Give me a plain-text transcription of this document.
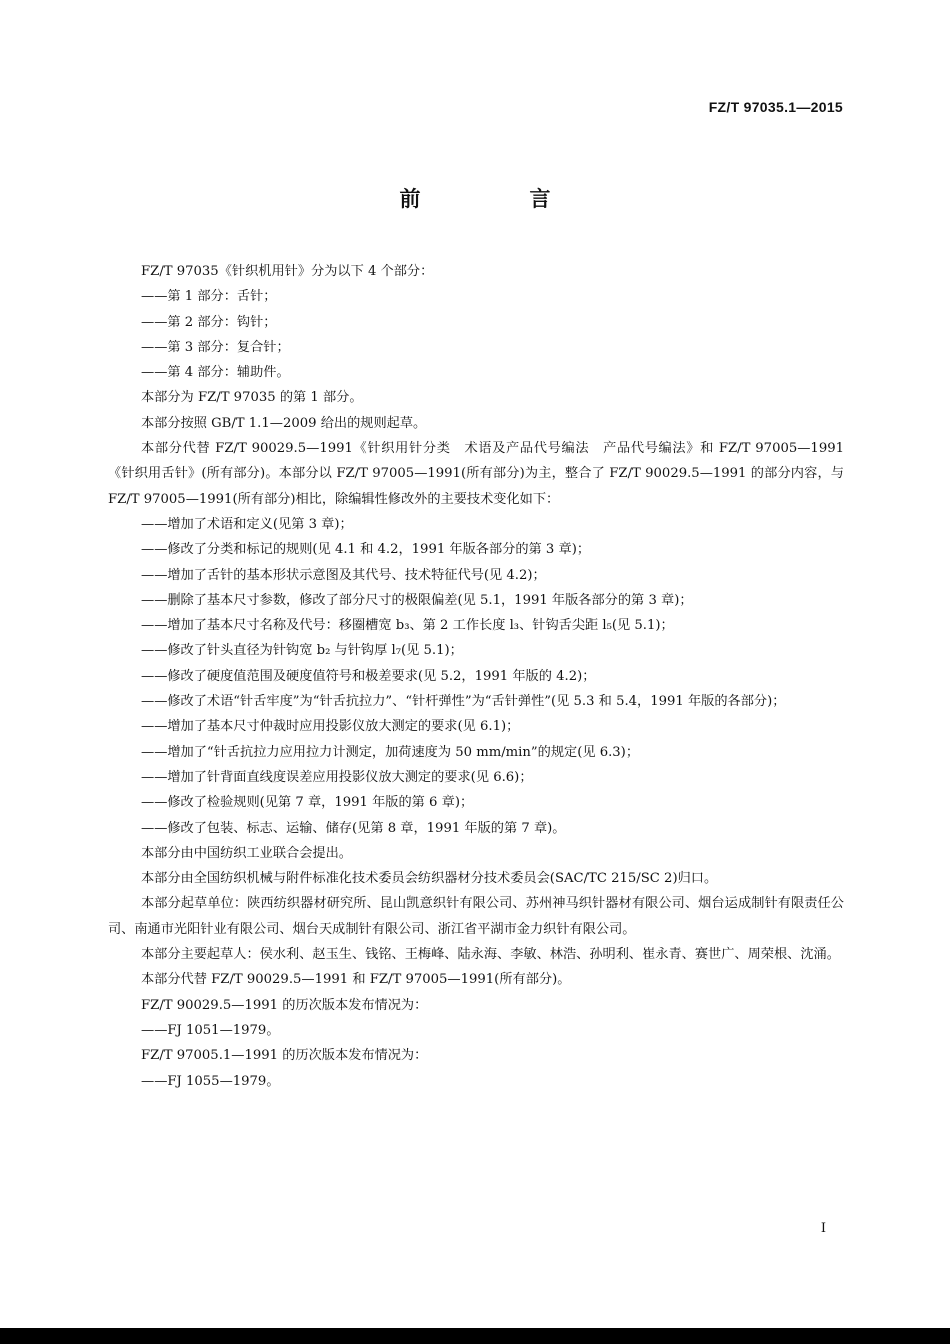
FZ/T 97035.1—2015
前　言

FZ/T 97035《针织机用针》分为以下 4 个部分：

——第 1 部分：舌针；

——第 2 部分：钩针；

——第 3 部分：复合针；

——第 4 部分：辅助件。

本部分为 FZ/T 97035 的第 1 部分。

本部分按照 GB/T 1.1—2009 给出的规则起草。

本部分代替 FZ/T 90029.5—1991《针织用针分类　术语及产品代号编法　产品代号编法》和 FZ/T 97005—1991《针织用舌针》(所有部分)。本部分以 FZ/T 97005—1991(所有部分)为主，整合了 FZ/T 90029.5—1991 的部分内容，与 FZ/T 97005—1991(所有部分)相比，除编辑性修改外的主要技术变化如下：

——增加了术语和定义(见第 3 章)；

——修改了分类和标记的规则(见 4.1 和 4.2，1991 年版各部分的第 3 章)；

——增加了舌针的基本形状示意图及其代号、技术特征代号(见 4.2)；

——删除了基本尺寸参数，修改了部分尺寸的极限偏差(见 5.1，1991 年版各部分的第 3 章)；

——增加了基本尺寸名称及代号：移圈槽宽 b₃、第 2 工作长度 l₃、针钩舌尖距 l₅(见 5.1)；

——修改了针头直径为针钩宽 b₂ 与针钩厚 l₇(见 5.1)；

——修改了硬度值范围及硬度值符号和极差要求(见 5.2，1991 年版的 4.2)；

——修改了术语“针舌牢度”为“针舌抗拉力”、“针杆弹性”为“舌针弹性”(见 5.3 和 5.4，1991 年版的各部分)；

——增加了基本尺寸仲裁时应用投影仪放大测定的要求(见 6.1)；

——增加了“针舌抗拉力应用拉力计测定，加荷速度为 50 mm/min”的规定(见 6.3)；

——增加了针背面直线度误差应用投影仪放大测定的要求(见 6.6)；

——修改了检验规则(见第 7 章，1991 年版的第 6 章)；

——修改了包装、标志、运输、储存(见第 8 章，1991 年版的第 7 章)。

本部分由中国纺织工业联合会提出。

本部分由全国纺织机械与附件标准化技术委员会纺织器材分技术委员会(SAC/TC 215/SC 2)归口。

本部分起草单位：陕西纺织器材研究所、昆山凯意织针有限公司、苏州神马织针器材有限公司、烟台运成制针有限责任公司、南通市光阳针业有限公司、烟台天成制针有限公司、浙江省平湖市金力织针有限公司。

本部分主要起草人：侯水利、赵玉生、钱铭、王梅峰、陆永海、李敏、林浩、孙明利、崔永青、赛世广、周荣根、沈涌。

本部分代替 FZ/T 90029.5—1991 和 FZ/T 97005—1991(所有部分)。

FZ/T 90029.5—1991 的历次版本发布情况为：

——FJ 1051—1979。

FZ/T 97005.1—1991 的历次版本发布情况为：

——FJ 1055—1979。

I
